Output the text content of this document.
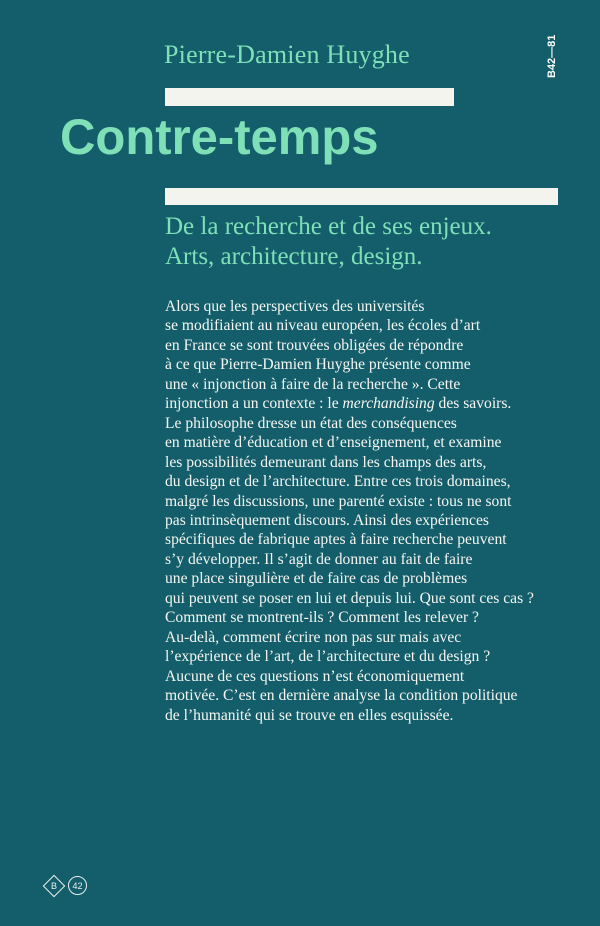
B42—81
Pierre-Damien Huyghe
Contre-temps
De la recherche et de ses enjeux.
Arts, architecture, design.
Alors que les perspectives des universités
se modifiaient au niveau européen, les écoles d’art
en France se sont trouvées obligées de répondre
à ce que Pierre-Damien Huyghe présente comme
une « injonction à faire de la recherche ». Cette
injonction a un contexte : le merchandising des savoirs.
Le philosophe dresse un état des conséquences
en matière d’éducation et d’enseignement, et examine
les possibilités demeurant dans les champs des arts,
du design et de l’architecture. Entre ces trois domaines,
malgré les discussions, une parenté existe : tous ne sont
pas intrinsèquement discours. Ainsi des expériences
spécifiques de fabrique aptes à faire recherche peuvent
s’y développer. Il s’agit de donner au fait de faire
une place singulière et de faire cas de problèmes
qui peuvent se poser en lui et depuis lui. Que sont ces cas ?
Comment se montrent-ils ? Comment les relever ?
Au-delà, comment écrire non pas sur mais avec
l’expérience de l’art, de l’architecture et du design ?
Aucune de ces questions n’est économiquement
motivée. C’est en dernière analyse la condition politique
de l’humanité qui se trouve en elles esquissée.
B 42
